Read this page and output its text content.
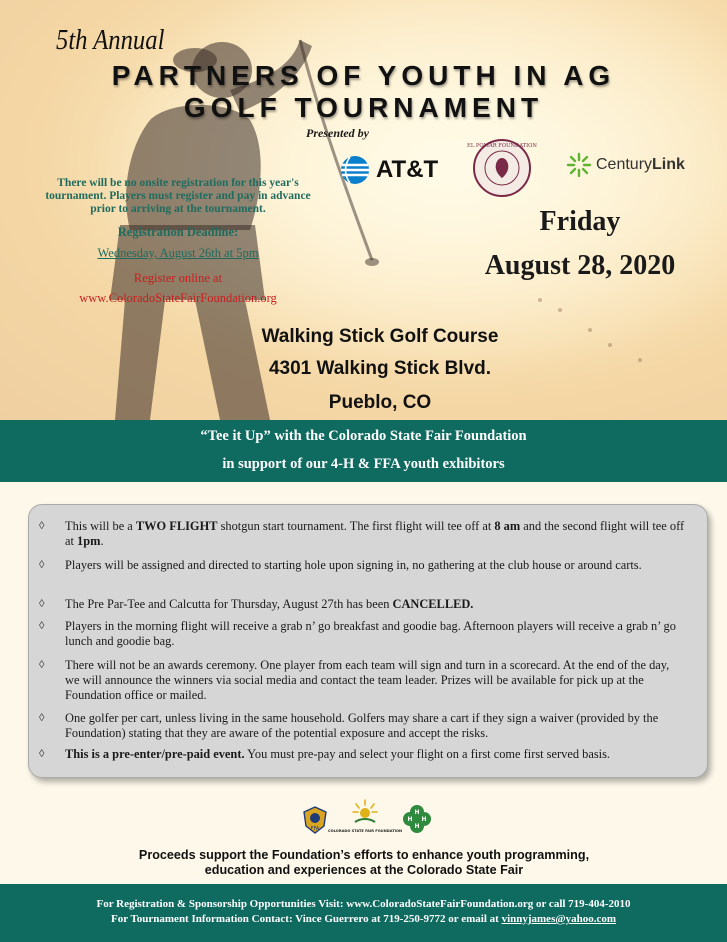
5th Annual
PARTNERS OF YOUTH IN AG
GOLF TOURNAMENT
Presented by
AT&T
EL POMAR FOUNDATION
CenturyLink
There will be no onsite registration for this year's tournament. Players must register and pay in advance prior to arriving at the tournament.
Registration Deadline:
Wednesday, August 26th at 5pm
Register online at
www.ColoradoStateFairFoundation.org
Friday
August 28, 2020
Walking Stick Golf Course
4301 Walking Stick Blvd.
Pueblo, CO
“Tee it Up” with the Colorado State Fair Foundation
in support of our 4-H & FFA youth exhibitors
◊ This will be a TWO FLIGHT shotgun start tournament. The first flight will tee off at 8 am and the second flight will tee off at 1pm.
◊ Players will be assigned and directed to starting hole upon signing in, no gathering at the club house or around carts.
◊ The Pre Par-Tee and Calcutta for Thursday, August 27th has been CANCELLED.
◊ Players in the morning flight will receive a grab n’ go breakfast and goodie bag. Afternoon players will receive a grab n’ go lunch and goodie bag.
◊ There will not be an awards ceremony. One player from each team will sign and turn in a scorecard. At the end of the day, we will announce the winners via social media and contact the team leader. Prizes will be available for pick up at the Foundation office or mailed.
◊ One golfer per cart, unless living in the same household. Golfers may share a cart if they sign a waiver (provided by the Foundation) stating that they are aware of the potential exposure and accept the risks.
◊ This is a pre-enter/pre-paid event. You must pre-pay and select your flight on a first come first served basis.
FFA COLORADO STATE FAIR FOUNDATION
H
H
H
H
Proceeds support the Foundation’s efforts to enhance youth programming,
education and experiences at the Colorado State Fair
For Registration & Sponsorship Opportunities Visit: www.ColoradoStateFairFoundation.org or call 719-404-2010
For Tournament Information Contact: Vince Guerrero at 719-250-9772 or email at vinnyjames@yahoo.com
